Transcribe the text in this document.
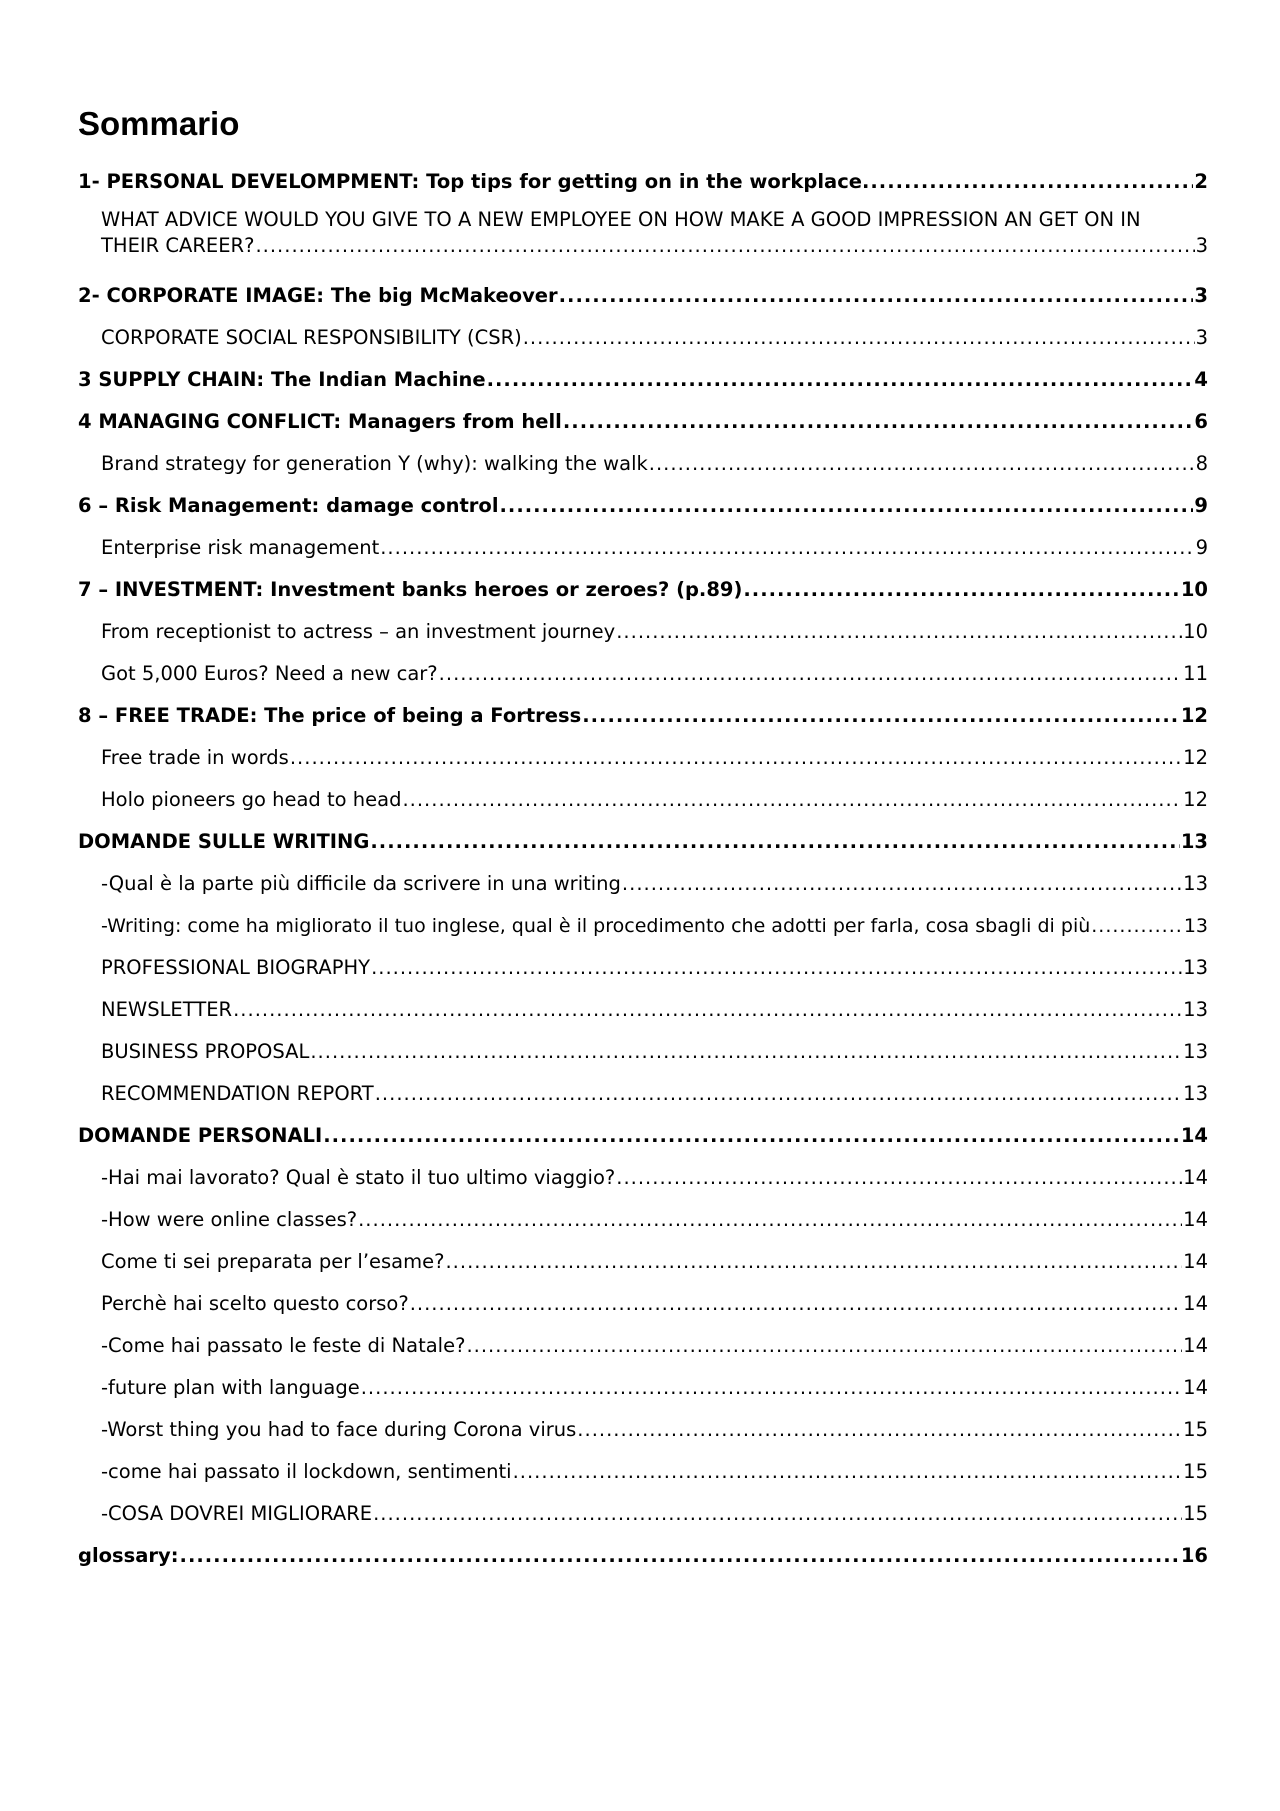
Sommario
1- PERSONAL DEVELOMPMENT: Top tips for getting on in the workplace. .....	2
WHAT ADVICE WOULD YOU GIVE TO A NEW EMPLOYEE ON HOW MAKE A GOOD IMPRESSION AN GET ON IN
THEIR CAREER? .....	3
2- CORPORATE IMAGE: The big McMakeover .....	3
CORPORATE SOCIAL RESPONSIBILITY (CSR) .....	3
3 SUPPLY CHAIN: The Indian Machine .....	4
4 MANAGING CONFLICT: Managers from hell .....	6
Brand strategy for generation Y (why): walking the walk .....	8
6 – Risk Management: damage control .....	9
Enterprise risk management .....	9
7 – INVESTMENT: Investment banks heroes or zeroes? (p.89) .....	10
From receptionist to actress – an investment journey .....	10
Got 5,000 Euros? Need a new car? .....	11
8 – FREE TRADE: The price of being a Fortress .....	12
Free trade in words .....	12
Holo pioneers go head to head .....	12
DOMANDE SULLE WRITING .....	13
-Qual è la parte più difficile da scrivere in una writing .....	13
-Writing: come ha migliorato il tuo inglese, qual è il procedimento che adotti per farla, cosa sbagli di più .....	13
PROFESSIONAL BIOGRAPHY .....	13
NEWSLETTER .....	13
BUSINESS PROPOSAL .....	13
RECOMMENDATION REPORT .....	13
DOMANDE PERSONALI .....	14
-Hai mai lavorato? Qual è stato il tuo ultimo viaggio? .....	14
-How were online classes? .....	14
Come ti sei preparata per l’esame? .....	14
Perchè hai scelto questo corso? .....	14
-Come hai passato le feste di Natale? .....	14
-future plan with language .....	14
-Worst thing you had to face during Corona virus .....	15
-come hai passato il lockdown, sentimenti .....	15
-COSA DOVREI MIGLIORARE .....	15
glossary: .....	16
